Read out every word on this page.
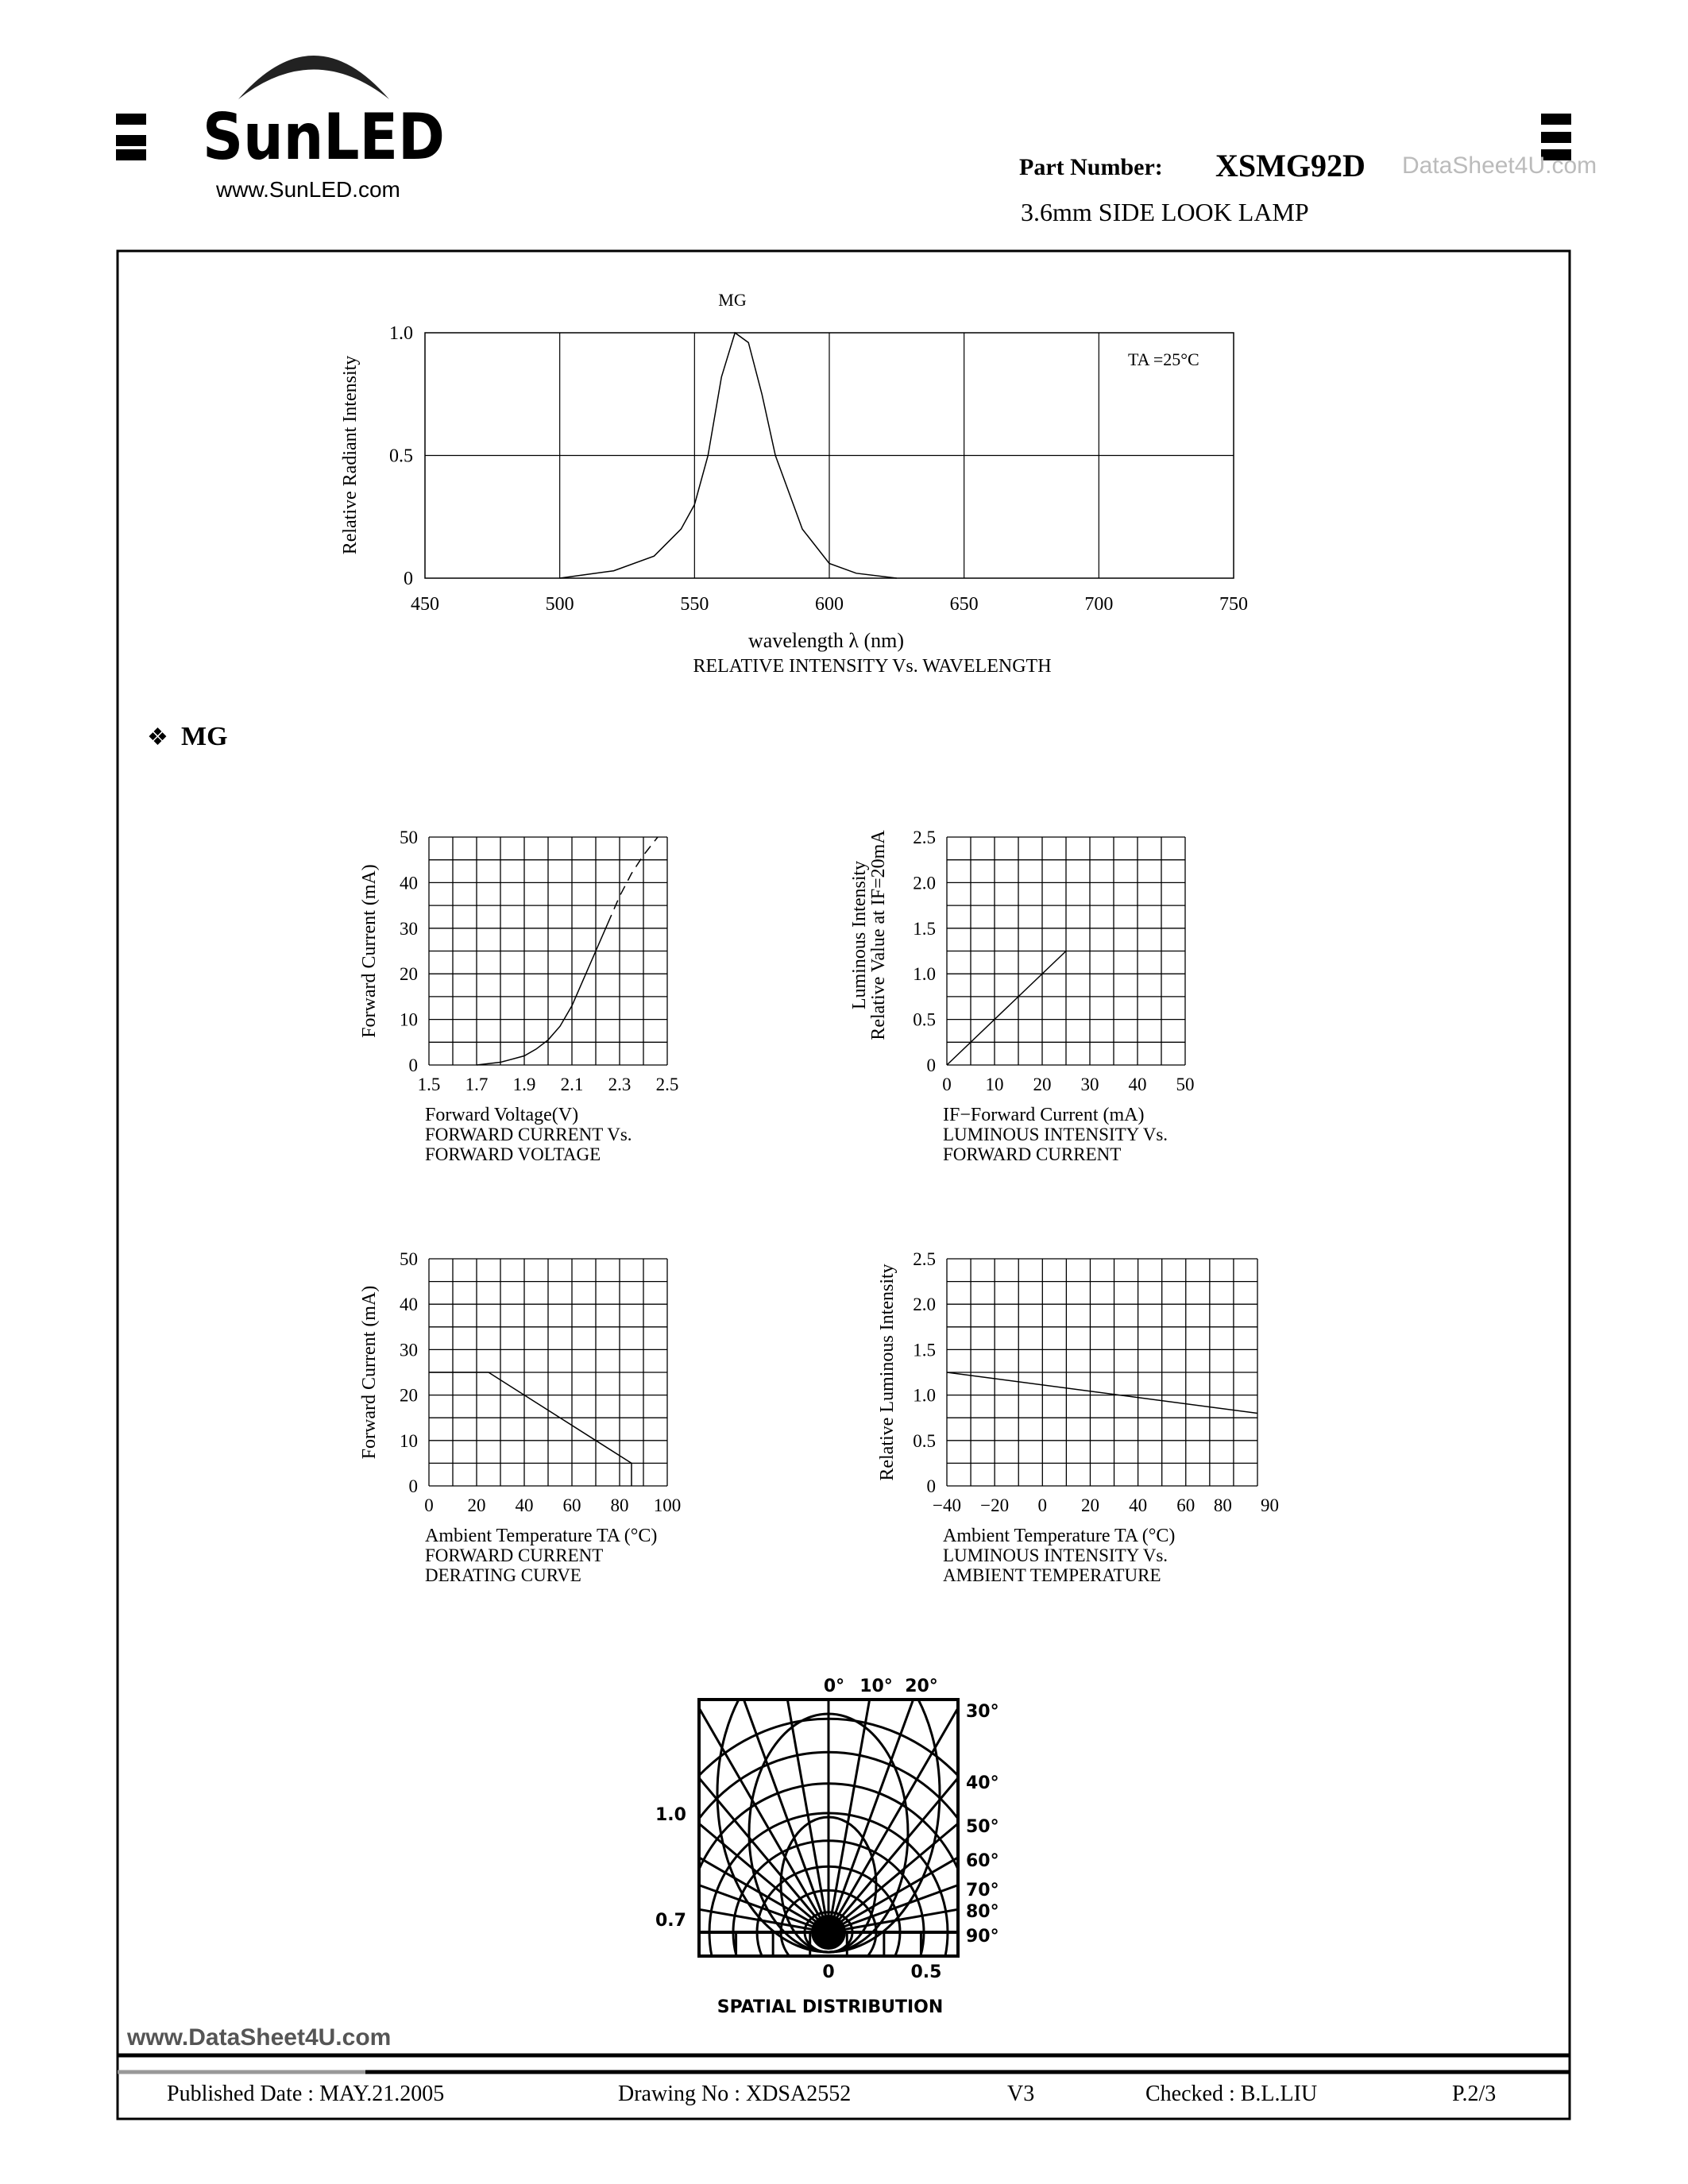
SunLED
www.SunLED.com
Part Number: XSMG92D DataSheet4U.com
3.6mm SIDE LOOK LAMP
450	500	550	600	650	700	750
0
0.5
1.0
MG
TA =25°C
wavelength λ (nm)
RELATIVE INTENSITY Vs. WAVELENGTH
Relative Radiant Intensity
1.5 1.7 1.9 2.1 2.3 2.5
0
10
20
30
40
50
Forward Voltage(V)
FORWARD CURRENT Vs.
FORWARD VOLTAGE
Forward Current (mA)
0 10 20 30 40 50
0
0.5
1.0
1.5
2.0
2.5
IF−Forward Current (mA)
LUMINOUS INTENSITY Vs.
FORWARD CURRENT
Luminous Intensity
Relative Value at IF=20mA
0 20 40 60 80 100
0
10
20
30
40
50
Ambient Temperature TA (°C)
FORWARD CURRENT
DERATING CURVE
Forward Current (mA)
−40 −20 0 20 40 60 80 90
0
0.5
1.0
1.5
2.0
2.5
Ambient Temperature TA (°C)
LUMINOUS INTENSITY Vs.
AMBIENT TEMPERATURE
Relative Luminous Intensity
0° 10° 20°
30°
40°
50°
60°
70°
80°
90°
1.0
0.7
0	0.5
SPATIAL DISTRIBUTION
❖ MG
Published Date : MAY.21.2005	Drawing No : XDSA2552	V3	Checked : B.L.LIU	P.2/3
www.DataSheet4U.com
